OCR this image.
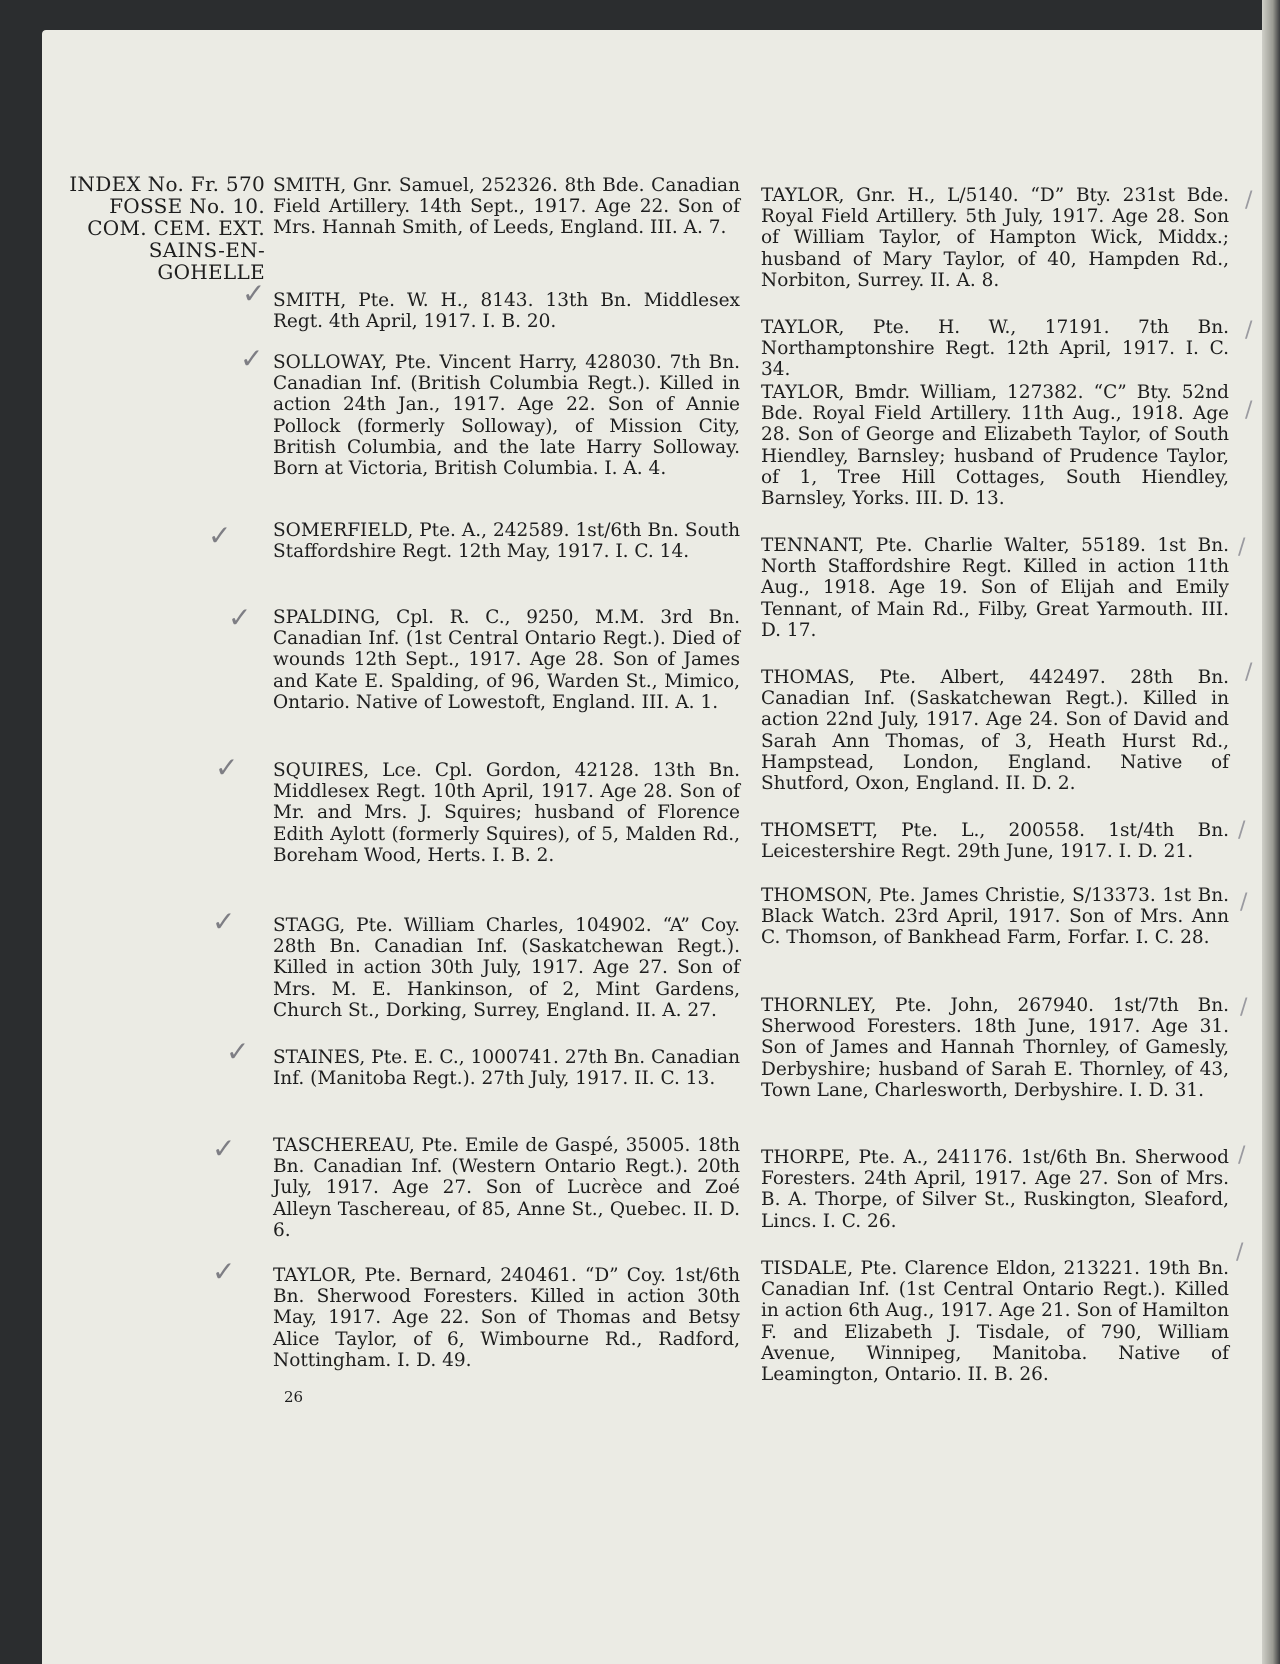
INDEX No. Fr. 570
FOSSE No. 10.
COM. CEM. EXT.
SAINS-EN-
GOHELLE
✓
✓
✓
✓
✓
✓
✓
✓
✓
/
/
/
/
/
/
/
/
/
/

SMITH, Gnr. Samuel, 252326. 8th Bde. Canadian Field Artillery. 14th Sept., 1917. Age 22. Son of Mrs. Hannah Smith, of Leeds, England. III. A. 7.

SMITH, Pte. W. H., 8143. 13th Bn. Middlesex Regt. 4th April, 1917. I. B. 20.

SOLLOWAY, Pte. Vincent Harry, 428030. 7th Bn. Canadian Inf. (British Columbia Regt.). Killed in action 24th Jan., 1917. Age 22. Son of Annie Pollock (formerly Solloway), of Mission City, British Columbia, and the late Harry Solloway. Born at Victoria, British Columbia. I. A. 4.

SOMERFIELD, Pte. A., 242589. 1st/6th Bn. South Staffordshire Regt. 12th May, 1917. I. C. 14.

SPALDING, Cpl. R. C., 9250, M.M. 3rd Bn. Canadian Inf. (1st Central Ontario Regt.). Died of wounds 12th Sept., 1917. Age 28. Son of James and Kate E. Spalding, of 96, Warden St., Mimico, Ontario. Native of Lowestoft, England. III. A. 1.

SQUIRES, Lce. Cpl. Gordon, 42128. 13th Bn. Middlesex Regt. 10th April, 1917. Age 28. Son of Mr. and Mrs. J. Squires; husband of Florence Edith Aylott (formerly Squires), of 5, Malden Rd., Boreham Wood, Herts. I. B. 2.

STAGG, Pte. William Charles, 104902. “A” Coy. 28th Bn. Canadian Inf. (Saskatchewan Regt.). Killed in action 30th July, 1917. Age 27. Son of Mrs. M. E. Hankinson, of 2, Mint Gardens, Church St., Dorking, Surrey, England. II. A. 27.

STAINES, Pte. E. C., 1000741. 27th Bn. Canadian Inf. (Manitoba Regt.). 27th July, 1917. II. C. 13.

TASCHEREAU, Pte. Emile de Gaspé, 35005. 18th Bn. Canadian Inf. (Western Ontario Regt.). 20th July, 1917. Age 27. Son of Lucrèce and Zoé Alleyn Taschereau, of 85, Anne St., Quebec. II. D. 6.

TAYLOR, Pte. Bernard, 240461. “D” Coy. 1st/6th Bn. Sherwood Foresters. Killed in action 30th May, 1917. Age 22. Son of Thomas and Betsy Alice Taylor, of 6, Wimbourne Rd., Radford, Nottingham. I. D. 49.

26

TAYLOR, Gnr. H., L/5140. “D” Bty. 231st Bde. Royal Field Artillery. 5th July, 1917. Age 28. Son of William Taylor, of Hampton Wick, Middx.; husband of Mary Taylor, of 40, Hampden Rd., Norbiton, Surrey. II. A. 8.

TAYLOR, Pte. H. W., 17191. 7th Bn. Northamptonshire Regt. 12th April, 1917. I. C. 34.

TAYLOR, Bmdr. William, 127382. “C” Bty. 52nd Bde. Royal Field Artillery. 11th Aug., 1918. Age 28. Son of George and Elizabeth Taylor, of South Hiendley, Barnsley; husband of Prudence Taylor, of 1, Tree Hill Cottages, South Hiendley, Barnsley, Yorks. III. D. 13.

TENNANT, Pte. Charlie Walter, 55189. 1st Bn. North Staffordshire Regt. Killed in action 11th Aug., 1918. Age 19. Son of Elijah and Emily Tennant, of Main Rd., Filby, Great Yarmouth. III. D. 17.

THOMAS, Pte. Albert, 442497. 28th Bn. Canadian Inf. (Saskatchewan Regt.). Killed in action 22nd July, 1917. Age 24. Son of David and Sarah Ann Thomas, of 3, Heath Hurst Rd., Hampstead, London, England. Native of Shutford, Oxon, England. II. D. 2.

THOMSETT, Pte. L., 200558. 1st/4th Bn. Leicestershire Regt. 29th June, 1917. I. D. 21.

THOMSON, Pte. James Christie, S/13373. 1st Bn. Black Watch. 23rd April, 1917. Son of Mrs. Ann C. Thomson, of Bankhead Farm, Forfar. I. C. 28.

THORNLEY, Pte. John, 267940. 1st/7th Bn. Sherwood Foresters. 18th June, 1917. Age 31. Son of James and Hannah Thornley, of Gamesly, Derbyshire; husband of Sarah E. Thornley, of 43, Town Lane, Charlesworth, Derbyshire. I. D. 31.

THORPE, Pte. A., 241176. 1st/6th Bn. Sherwood Foresters. 24th April, 1917. Age 27. Son of Mrs. B. A. Thorpe, of Silver St., Ruskington, Sleaford, Lincs. I. C. 26.

TISDALE, Pte. Clarence Eldon, 213221. 19th Bn. Canadian Inf. (1st Central Ontario Regt.). Killed in action 6th Aug., 1917. Age 21. Son of Hamilton F. and Elizabeth J. Tisdale, of 790, William Avenue, Winnipeg, Manitoba. Native of Leamington, Ontario. II. B. 26.
